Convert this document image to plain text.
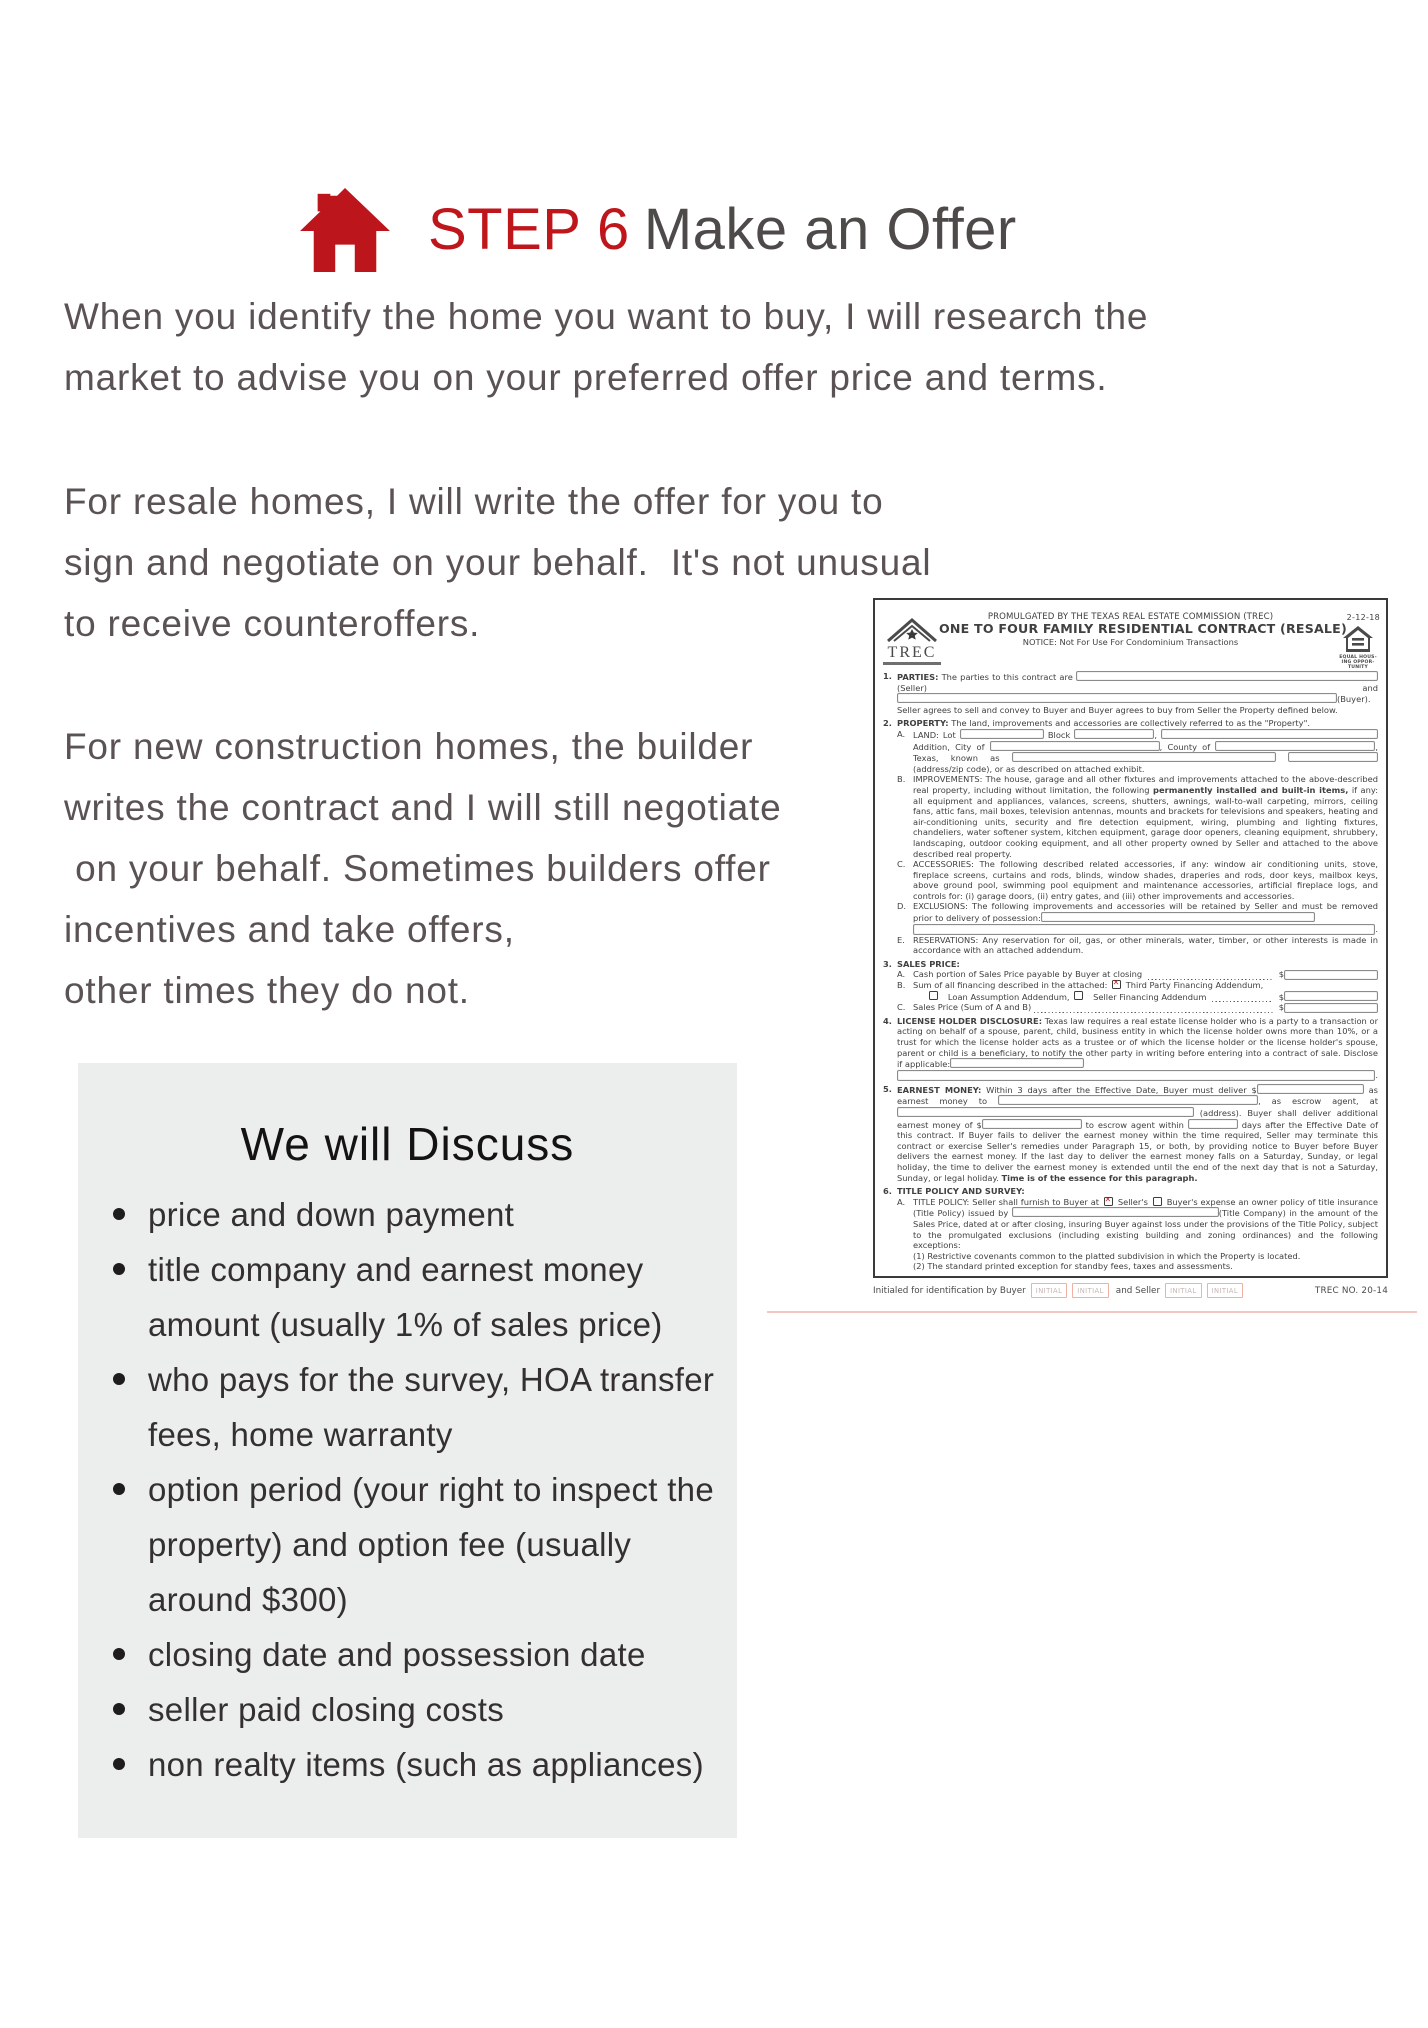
STEP 6 Make an Offer
When you identify the home you want to buy, I will research the
market to advise you on your preferred offer price and terms.
For resale homes, I will write the offer for you to
sign and negotiate on your behalf.  It's not unusual
to receive counteroffers.
For new construction homes, the builder
writes the contract and I will still negotiate
on your behalf. Sometimes builders offer
incentives and take offers,
other times they do not.
We will Discuss
price and down payment
title company and earnest money
amount (usually 1% of sales price)
who pays for the survey, HOA transfer
fees, home warranty
option period (your right to inspect the
property) and option fee (usually
around $300)
closing date and possession date
seller paid closing costs
non realty items (such as appliances)
2-12-18
TREC	EQUAL HOUS-
ING OPPOR-
TUNITY
PROMULGATED BY THE TEXAS REAL ESTATE COMMISSION (TREC)
ONE TO FOUR FAMILY RESIDENTIAL CONTRACT (RESALE)
NOTICE: Not For Use For Condominium Transactions
1. PARTIES: The parties to this contract are  (Seller) and (Buyer). Seller agrees to sell and convey to Buyer and Buyer agrees to buy from Seller the Property defined below.
2. PROPERTY: The land, improvements and accessories are collectively referred to as the "Property".
A. LAND: Lot	Block	,  Addition, City of	, County of	, Texas, known as   (address/zip code), or as described on attached exhibit.
B. IMPROVEMENTS: The house, garage and all other fixtures and improvements attached to the above-described real property, including without limitation, the following permanently installed and built-in items, if any: all equipment and appliances, valances, screens, shutters, awnings, wall-to-wall carpeting, mirrors, ceiling fans, attic fans, mail boxes, television antennas, mounts and brackets for televisions and speakers, heating and air-conditioning units, security and fire detection equipment, wiring, plumbing and lighting fixtures, chandeliers, water softener system, kitchen equipment, garage door openers, cleaning equipment, shrubbery, landscaping, outdoor cooking equipment, and all other property owned by Seller and attached to the above described real property.
C. ACCESSORIES: The following described related accessories, if any: window air conditioning units, stove, fireplace screens, curtains and rods, blinds, window shades, draperies and rods, door keys, mailbox keys, above ground pool, swimming pool equipment and maintenance accessories, artificial fireplace logs, and controls for: (i) garage doors, (ii) entry gates, and (iii) other improvements and accessories.
D. EXCLUSIONS: The following improvements and accessories will be retained by Seller and must be removed prior to delivery of possession:
.
E. RESERVATIONS: Any reservation for oil, gas, or other minerals, water, timber, or other interests is made in accordance with an attached addendum.
3. SALES PRICE:
A. Cash portion of Sales Price payable by Buyer at closing	$
B. Sum of all financing described in the attached: ✕ Third Party Financing Addendum,
Loan Assumption Addendum, Seller Financing Addendum	$
C. Sales Price (Sum of A and B)	$
4. LICENSE HOLDER DISCLOSURE: Texas law requires a real estate license holder who is a party to a transaction or acting on behalf of a spouse, parent, child, business entity in which the license holder owns more than 10%, or a trust for which the license holder acts as a trustee or of which the license holder or the license holder's spouse, parent or child is a beneficiary, to notify the other party in writing before entering into a contract of sale. Disclose if applicable:
.
5. EARNEST MONEY: Within 3 days after the Effective Date, Buyer must deliver $	as earnest money to	, as escrow agent, at  (address). Buyer shall deliver additional earnest money of $	to escrow agent within	days after the Effective Date of this contract. If Buyer fails to deliver the earnest money within the time required, Seller may terminate this contract or exercise Seller's remedies under Paragraph 15, or both, by providing notice to Buyer before Buyer delivers the earnest money. If the last day to deliver the earnest money falls on a Saturday, Sunday, or legal holiday, the time to deliver the earnest money is extended until the end of the next day that is not a Saturday, Sunday, or legal holiday. Time is of the essence for this paragraph.
6. TITLE POLICY AND SURVEY:
A. TITLE POLICY: Seller shall furnish to Buyer at ✕ Seller's  Buyer's expense an owner policy of title insurance (Title Policy) issued by	(Title Company) in the amount of the Sales Price, dated at or after closing, insuring Buyer against loss under the provisions of the Title Policy, subject to the promulgated exclusions (including existing building and zoning ordinances) and the following exceptions:
(1) Restrictive covenants common to the platted subdivision in which the Property is located.
(2) The standard printed exception for standby fees, taxes and assessments.
Initialed for identification by Buyer	INITIAL	INITIAL	and Seller	INITIAL	INITIAL	TREC NO. 20-14
